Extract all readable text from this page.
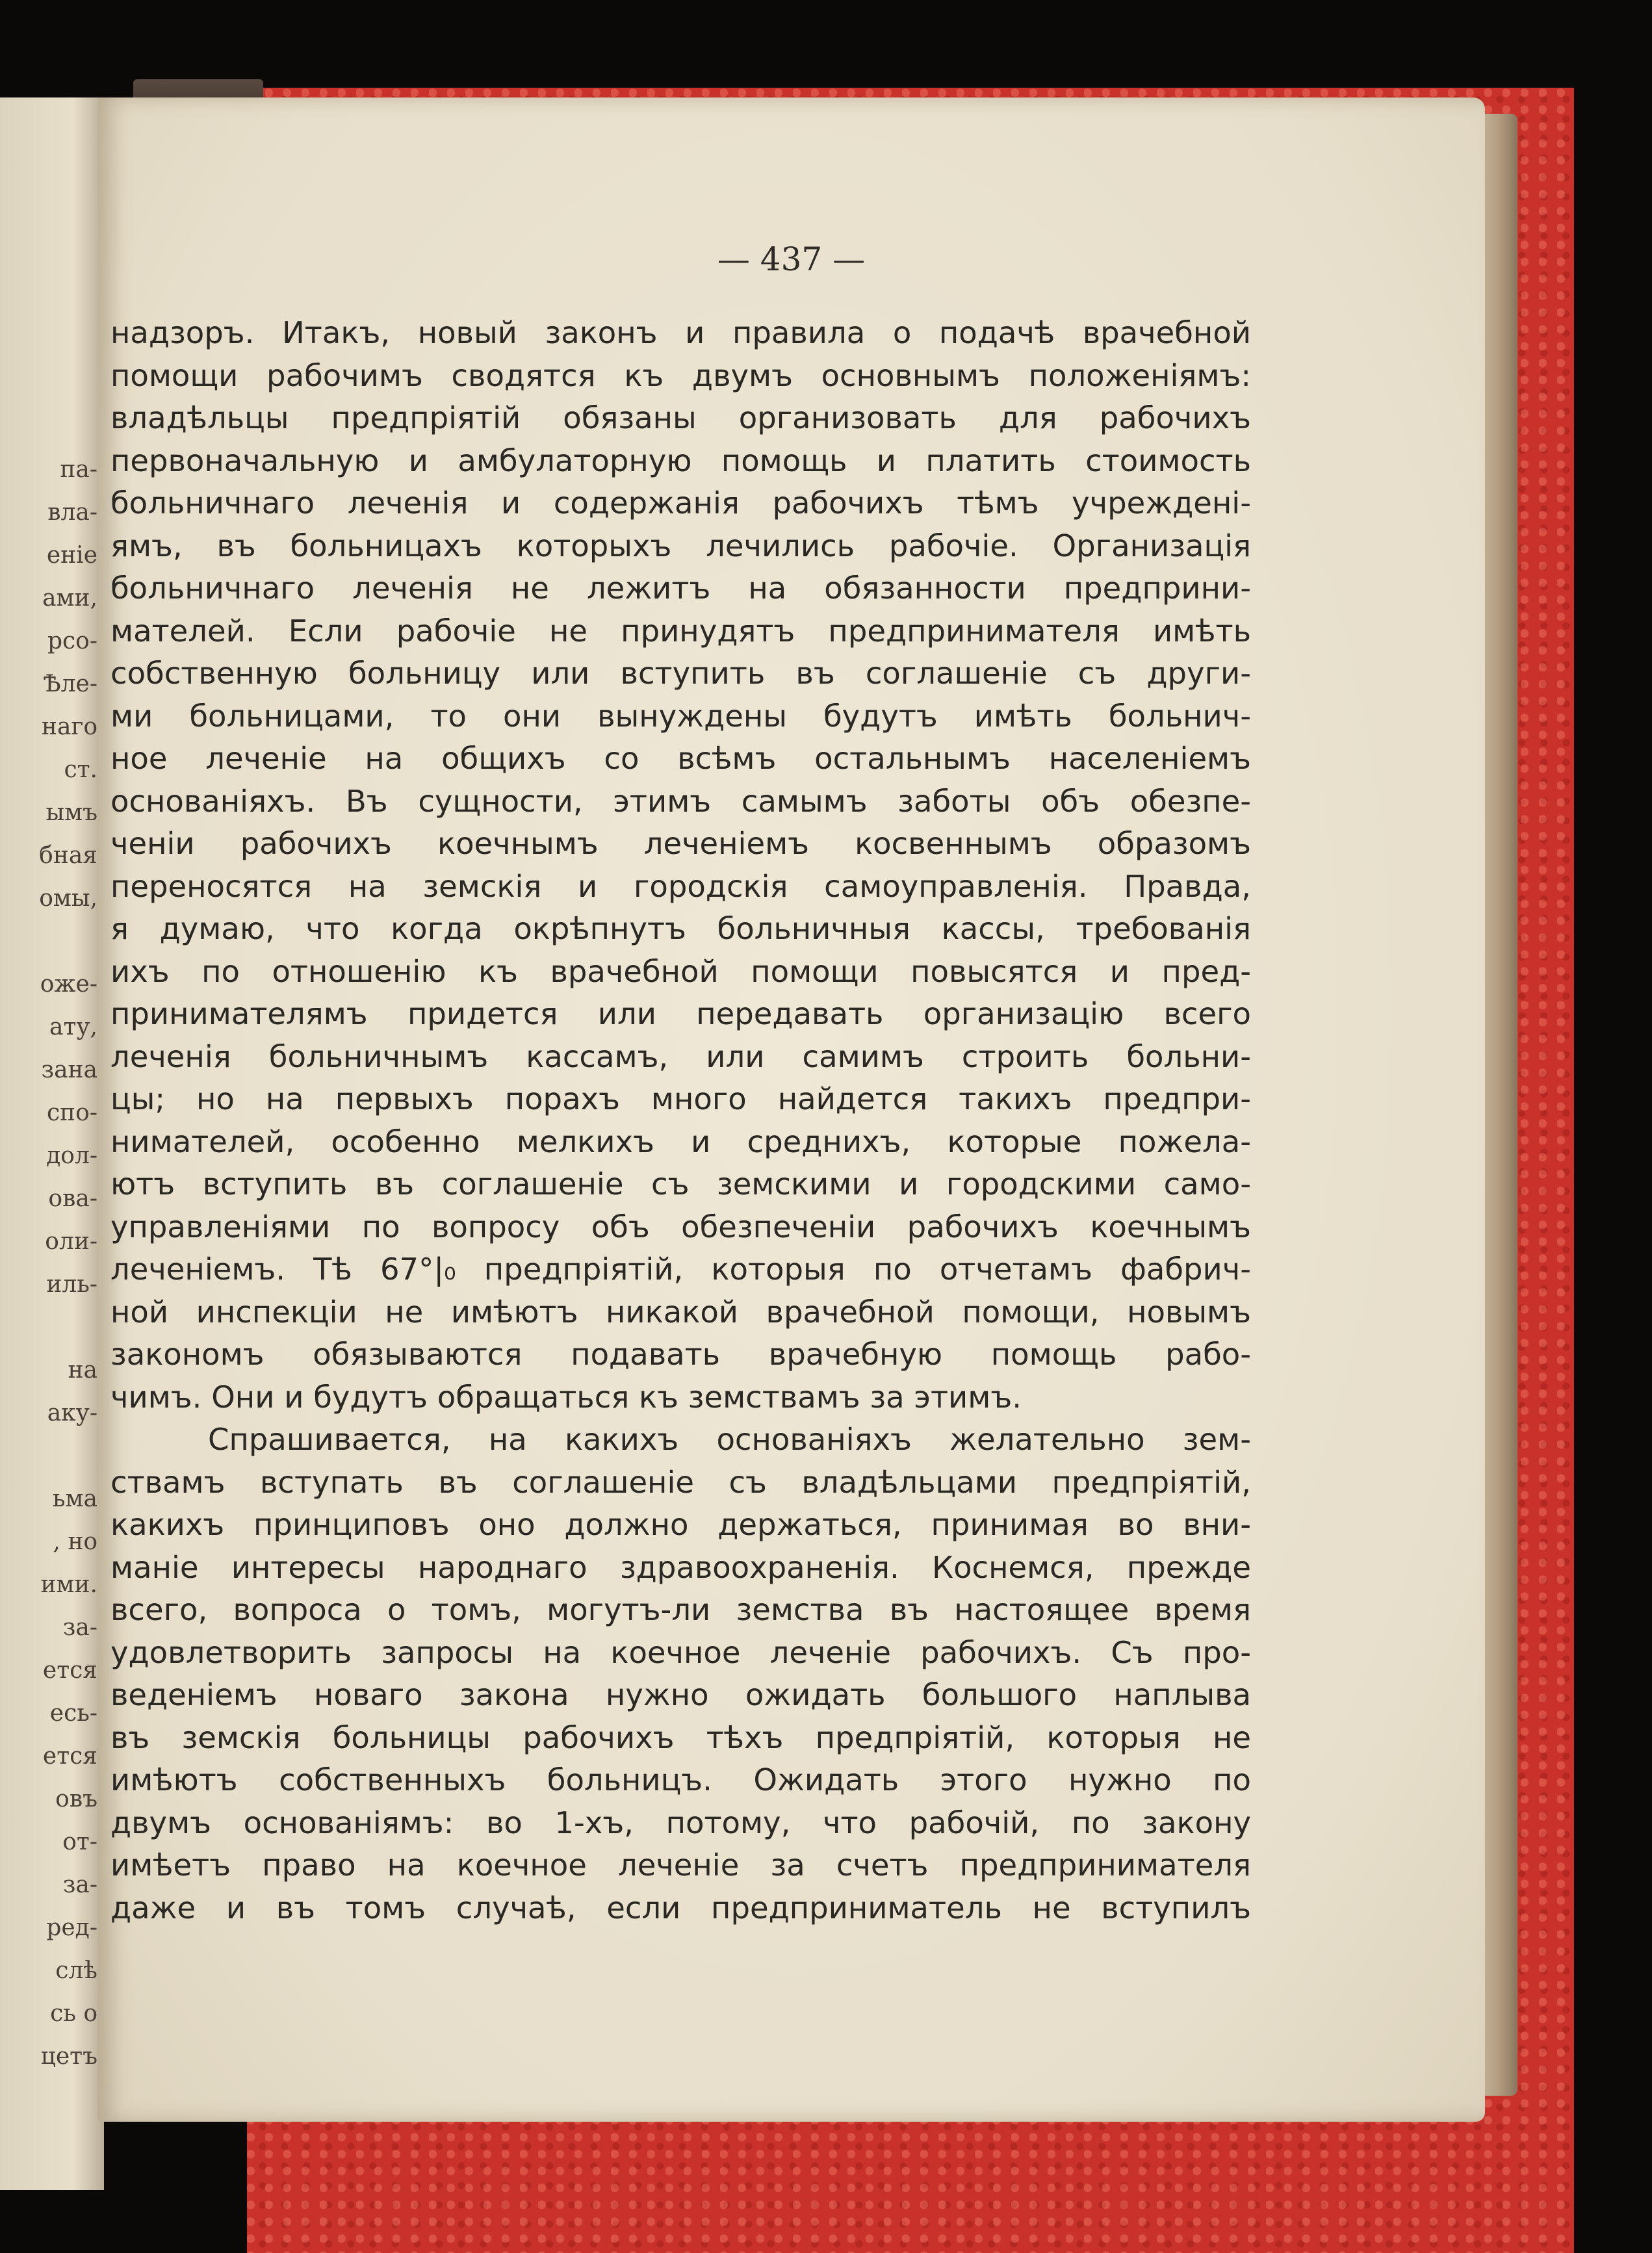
па-
вла-
еніе
ами,
рсо-
Ѣле-
наго
ст.
ымъ
бная
омы,

оже-
ату,
зана
спо-
дол-
ова-
оли-
иль-

на
аку-

ьма
, но
ими.
за-
ется
есь-
ется
овъ
от-
за-
ред-
слѣ
сь о
цетъ
— 437 —
надзоръ. Итакъ, новый законъ и правила о подачѣ врачебной
помощи рабочимъ сводятся къ двумъ основнымъ положеніямъ:
владѣльцы предпріятій обязаны организовать для рабочихъ
первоначальную и амбулаторную помощь и платить стоимость
больничнаго леченія и содержанія рабочихъ тѣмъ учреждені-
ямъ, въ больницахъ которыхъ лечились рабочіе. Организація
больничнаго леченія не лежитъ на обязанности предприни-
мателей. Если рабочіе не принудятъ предпринимателя имѣть
собственную больницу или вступить въ соглашеніе съ други-
ми больницами, то они вынуждены будутъ имѣть больнич-
ное леченіе на общихъ со всѣмъ остальнымъ населеніемъ
основаніяхъ. Въ сущности, этимъ самымъ заботы объ обезпе-
ченіи рабочихъ коечнымъ леченіемъ косвеннымъ образомъ
переносятся на земскія и городскія самоуправленія. Правда,
я думаю, что когда окрѣпнутъ больничныя кассы, требованія
ихъ по отношенію къ врачебной помощи повысятся и пред-
принимателямъ придется или передавать организацію всего
леченія больничнымъ кассамъ, или самимъ строить больни-
цы; но на первыхъ порахъ много найдется такихъ предпри-
нимателей, особенно мелкихъ и среднихъ, которые пожела-
ютъ вступить въ соглашеніе съ земскими и городскими само-
управленіями по вопросу объ обезпеченіи рабочихъ коечнымъ
леченіемъ. Тѣ 67°|₀ предпріятій, которыя по отчетамъ фабрич-
ной инспекціи не имѣютъ никакой врачебной помощи, новымъ
закономъ обязываются подавать врачебную помощь рабо-
чимъ. Они и будутъ обращаться къ земствамъ за этимъ.
Спрашивается, на какихъ основаніяхъ желательно зем-
ствамъ вступать въ соглашеніе съ владѣльцами предпріятій,
какихъ принциповъ оно должно держаться, принимая во вни-
маніе интересы народнаго здравоохраненія. Коснемся, прежде
всего, вопроса о томъ, могутъ-ли земства въ настоящее время
удовлетворить запросы на коечное леченіе рабочихъ. Съ про-
веденіемъ новаго закона нужно ожидать большого наплыва
въ земскія больницы рабочихъ тѣхъ предпріятій, которыя не
имѣютъ собственныхъ больницъ. Ожидать этого нужно по
двумъ основаніямъ: во 1-хъ, потому, что рабочій, по закону
имѣетъ право на коечное леченіе за счетъ предпринимателя
даже и въ томъ случаѣ, если предприниматель не вступилъ
